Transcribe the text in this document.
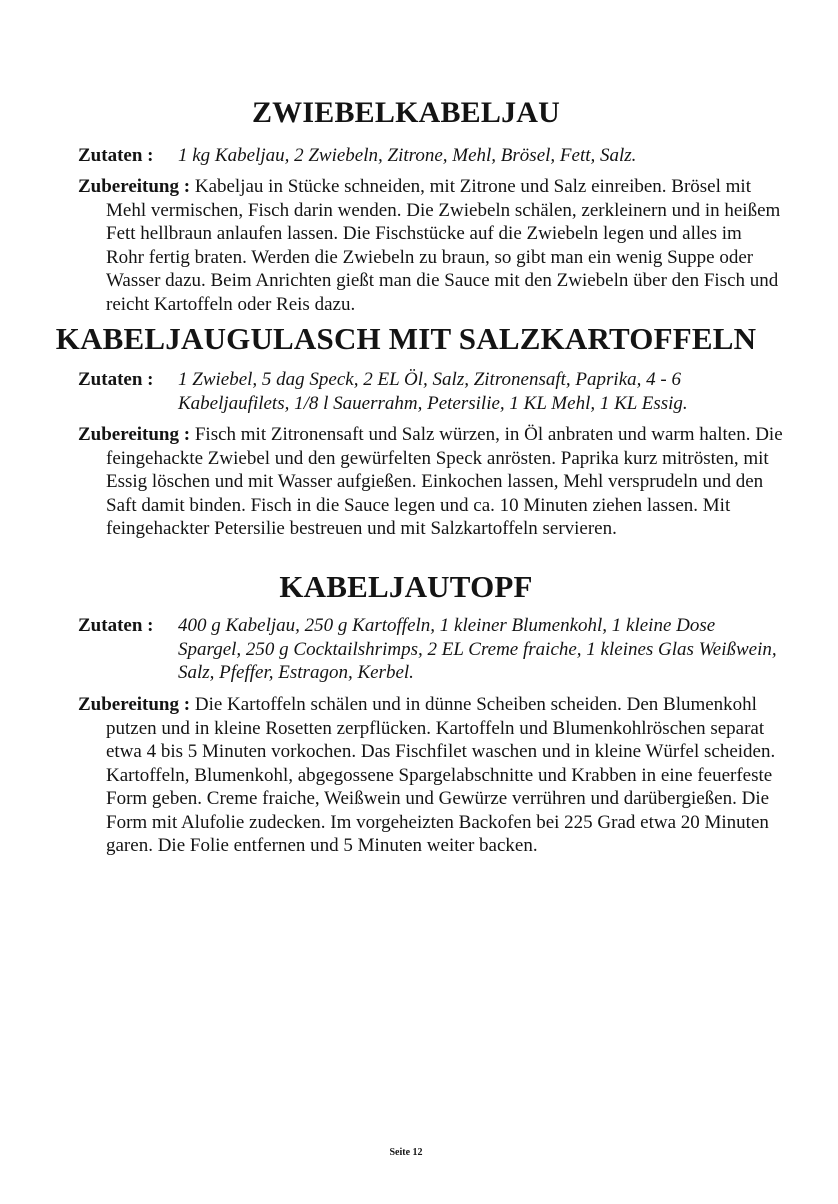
ZWIEBELKABELJAU
Zutaten : 1 kg Kabeljau, 2 Zwiebeln, Zitrone, Mehl, Brösel, Fett, Salz.
Zubereitung : Kabeljau in Stücke schneiden, mit Zitrone und Salz einreiben. Brösel mit Mehl vermischen, Fisch darin wenden. Die Zwiebeln schälen, zerkleinern und in heißem Fett hellbraun anlaufen lassen. Die Fischstücke auf die Zwiebeln legen und alles im Rohr fertig braten. Werden die Zwiebeln zu braun, so gibt man ein wenig Suppe oder Wasser dazu. Beim Anrichten gießt man die Sauce mit den Zwiebeln über den Fisch und reicht Kartoffeln oder Reis dazu.
KABELJAUGULASCH MIT SALZKARTOFFELN
Zutaten : 1 Zwiebel, 5 dag Speck, 2 EL Öl, Salz, Zitronensaft, Paprika, 4 - 6 Kabeljaufilets, 1/8 l Sauerrahm, Petersilie, 1 KL Mehl, 1 KL Essig.
Zubereitung : Fisch mit Zitronensaft und Salz würzen, in Öl anbraten und warm halten. Die feingehackte Zwiebel und den gewürfelten Speck anrösten. Paprika kurz mitrösten, mit Essig löschen und mit Wasser aufgießen. Einkochen lassen, Mehl versprudeln und den Saft damit binden. Fisch in die Sauce legen und ca. 10 Minuten ziehen lassen. Mit feingehackter Petersilie bestreuen und mit Salzkartoffeln servieren.
KABELJAUTOPF
Zutaten : 400 g Kabeljau, 250 g Kartoffeln, 1 kleiner Blumenkohl, 1 kleine Dose Spargel, 250 g Cocktailshrimps, 2 EL Creme fraiche, 1 kleines Glas Weißwein, Salz, Pfeffer, Estragon, Kerbel.
Zubereitung : Die Kartoffeln schälen und in dünne Scheiben scheiden. Den Blumenkohl putzen und in kleine Rosetten zerpflücken. Kartoffeln und Blumenkohlröschen separat etwa 4 bis 5 Minuten vorkochen. Das Fischfilet waschen und in kleine Würfel scheiden. Kartoffeln, Blumenkohl, abgegossene Spargelabschnitte und Krabben in eine feuerfeste Form geben. Creme fraiche, Weißwein und Gewürze verrühren und darübergießen. Die Form mit Alufolie zudecken. Im vorgeheizten Backofen bei 225 Grad etwa 20 Minuten garen. Die Folie entfernen und 5 Minuten weiter backen.
Seite 12
